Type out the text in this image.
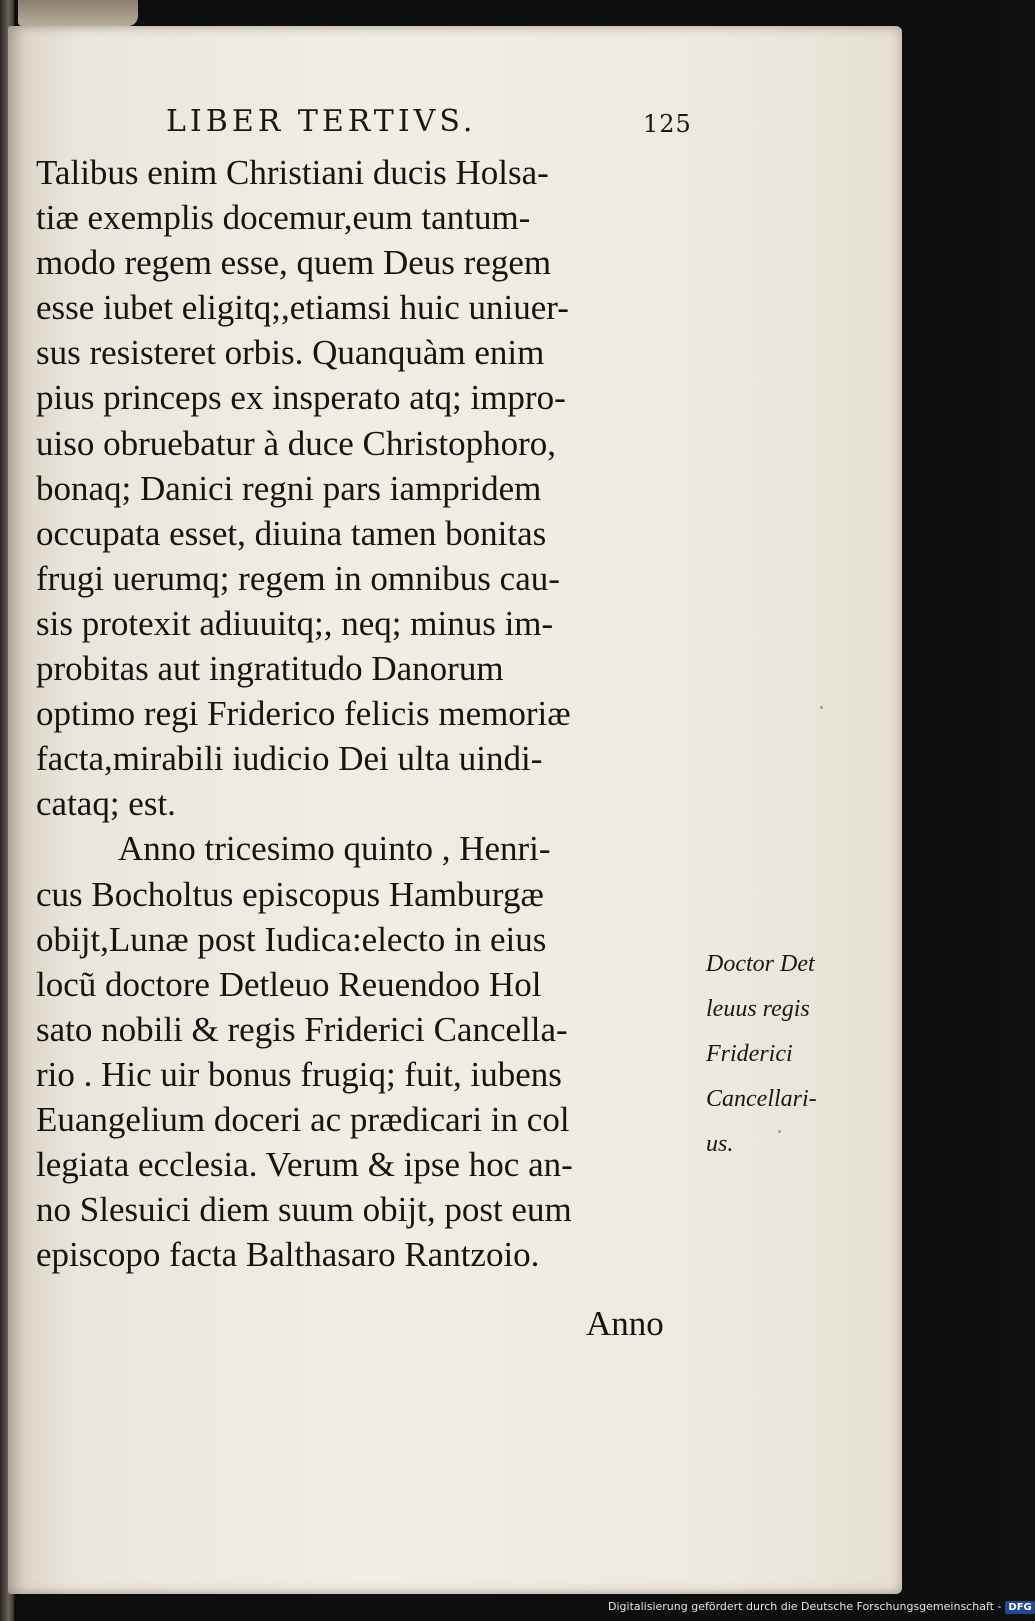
LIBER TERTIVS.	125
Talibus enim Christiani ducis Holsa-
tiæ exemplis docemur,eum tantum-
modo regem esse, quem Deus regem
esse iubet eligitq;,etiamsi huic uniuer-
sus resisteret orbis. Quanquàm enim
pius princeps ex insperato atq; impro-
uiso obruebatur à duce Christophoro,
bonaq; Danici regni pars iampridem
occupata esset, diuina tamen bonitas
frugi uerumq; regem in omnibus cau-
sis protexit adiuuitq;, neq; minus im-
probitas aut ingratitudo Danorum
optimo regi Friderico felicis memoriæ
facta,mirabili iudicio Dei ulta uindi-
cataq; est.
Anno tricesimo quinto , Henri-
cus Bocholtus episcopus Hamburgæ
obijt,Lunæ post Iudica:electo in eius
locũ doctore Detleuo Reuendoo Hol
sato nobili & regis Friderici Cancella-
rio . Hic uir bonus frugiq; fuit, iubens
Euangelium doceri ac prædicari in col
legiata ecclesia. Verum & ipse hoc an-
no Slesuici diem suum obijt, post eum
episcopo facta Balthasaro Rantzoio.
Anno
Doctor Det
leuus regis
Friderici
Cancellari-
us.
Digitalisierung gefördert durch die Deutsche Forschungsgemeinschaft - DFG
